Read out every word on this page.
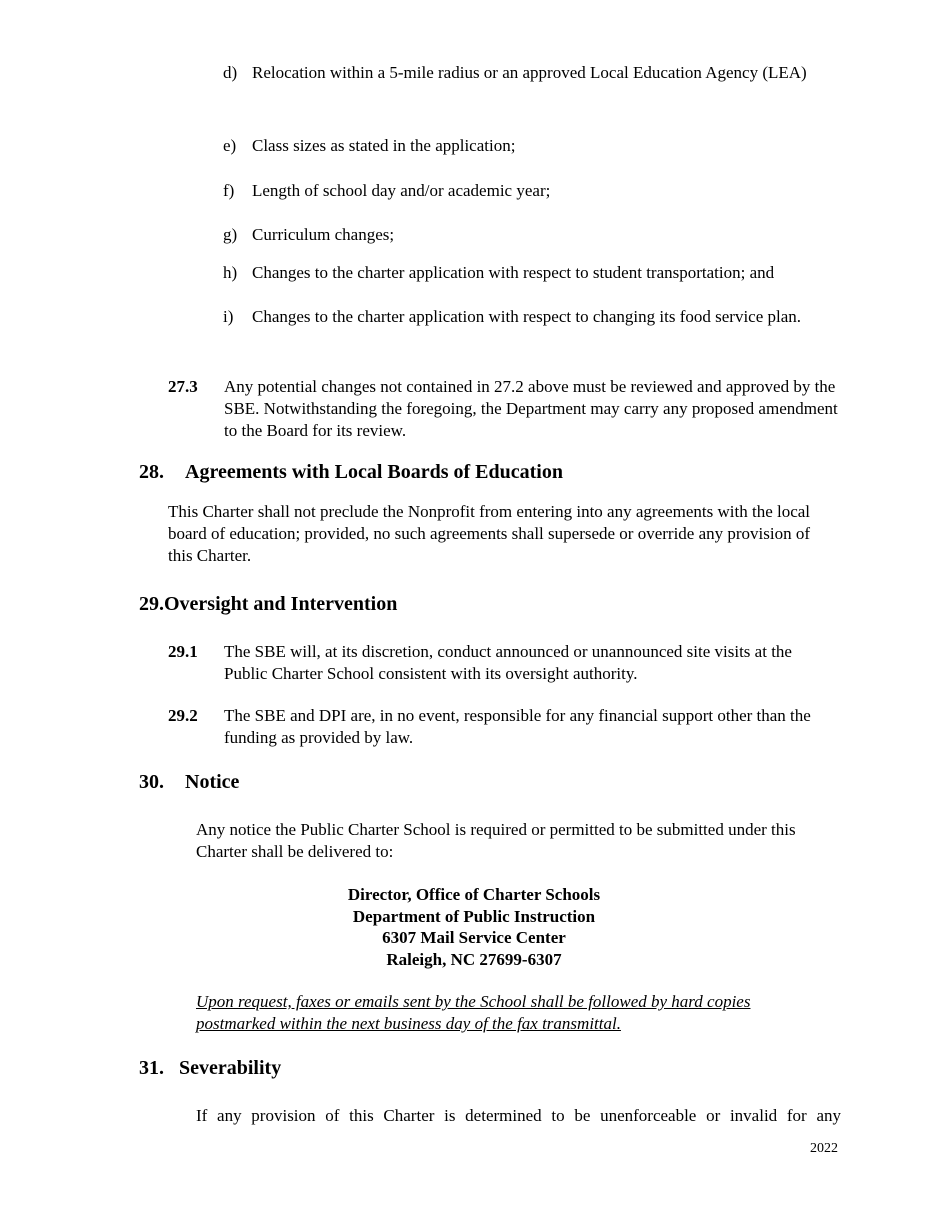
d) Relocation within a 5-mile radius or an approved Local Education Agency (LEA)
e) Class sizes as stated in the application;
f)	Length of school day and/or academic year;
g) Curriculum changes;
h) Changes to the charter application with respect to student transportation; and
i)	Changes to the charter application with respect to changing its food service plan.
27.3 Any potential changes not contained in 27.2 above must be reviewed and approved by the SBE. Notwithstanding the foregoing, the Department may carry any proposed amendment to the Board for its review.
28. Agreements with Local Boards of Education
This Charter shall not preclude the Nonprofit from entering into any agreements with the local board of education; provided, no such agreements shall supersede or override any provision of this Charter.
29.Oversight and Intervention
29.1 The SBE will, at its discretion, conduct announced or unannounced site visits at the Public Charter School consistent with its oversight authority.
29.2 The SBE and DPI are, in no event, responsible for any financial support other than the funding as provided by law.
30. Notice
Any notice the Public Charter School is required or permitted to be submitted under this Charter shall be delivered to:
Director, Office of Charter Schools
Department of Public Instruction
6307 Mail Service Center
Raleigh, NC 27699-6307
Upon request, faxes or emails sent by the School shall be followed by hard copies postmarked within the next business day of the fax transmittal.
31. Severability
If any provision of this Charter is determined to be unenforceable or invalid for any
2022
